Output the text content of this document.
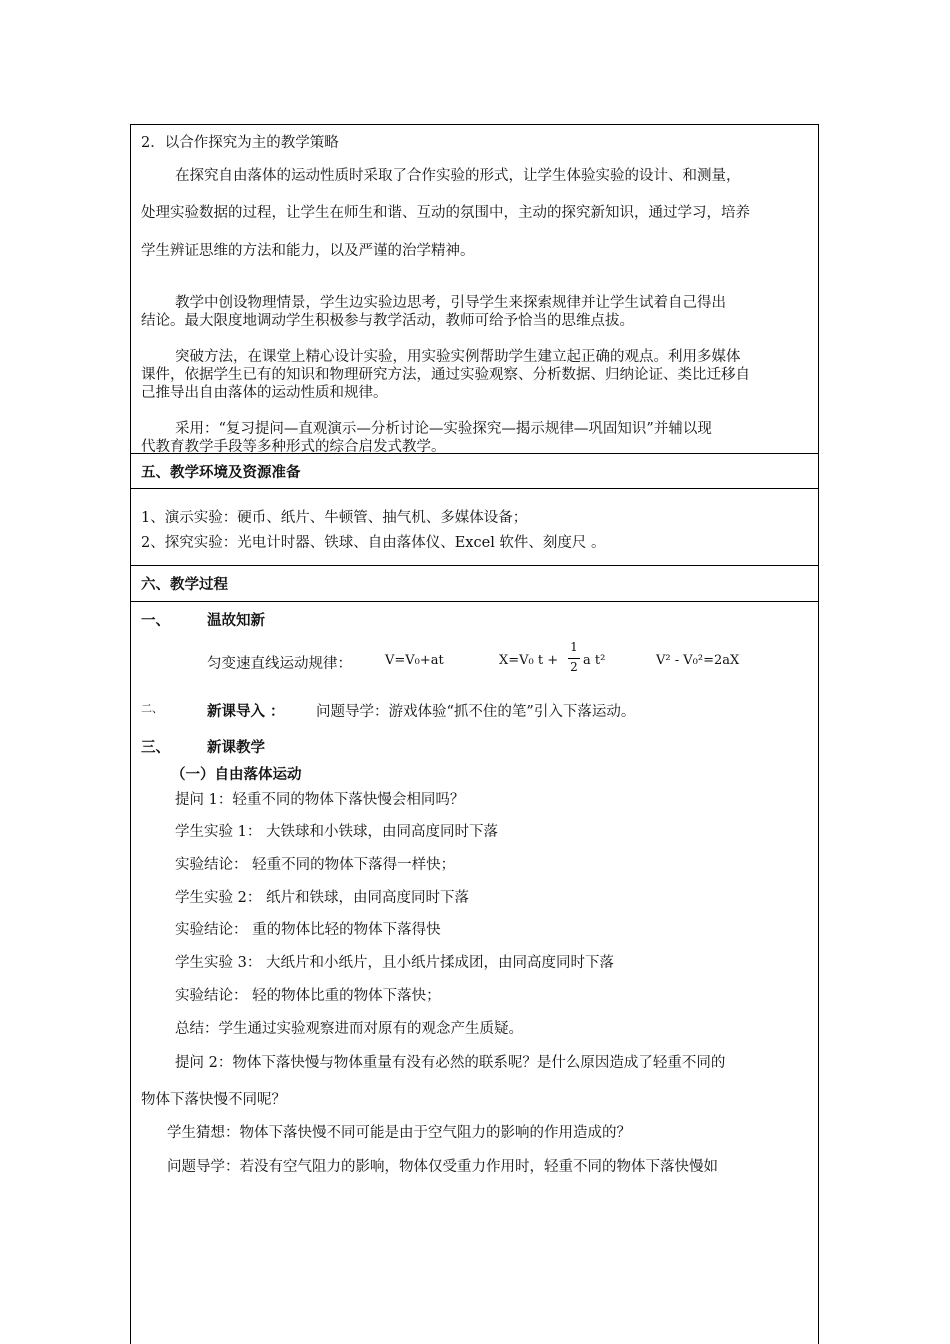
2．以合作探究为主的教学策略
在探究自由落体的运动性质时采取了合作实验的形式，让学生体验实验的设计、和测量，
处理实验数据的过程，让学生在师生和谐、互动的氛围中，主动的探究新知识，通过学习，培养
学生辨证思维的方法和能力，以及严谨的治学精神。
教学中创设物理情景，学生边实验边思考，引导学生来探索规律并让学生试着自己得出
结论。最大限度地调动学生积极参与教学活动，教师可给予恰当的思维点拔。
突破方法，在课堂上精心设计实验，用实验实例帮助学生建立起正确的观点。利用多媒体
课件，依据学生已有的知识和物理研究方法，通过实验观察、分析数据、归纳论证、类比迁移自
己推导出自由落体的运动性质和规律。
采用：“复习提问—直观演示—分析讨论—实验探究—揭示规律—巩固知识”并辅以现
代教育教学手段等多种形式的综合启发式教学。
五、教学环境及资源准备
1、演示实验：硬币、纸片、牛顿管、抽气机、多媒体设备；
2、探究实验：光电计时器、铁球、自由落体仪、Excel 软件、刻度尺 。
六、教学过程
一、	温故知新
匀变速直线运动规律：	V=V₀+at	X=V₀ t +
1
2 a t²	V² - V₀²=2aX
二、	新课导入 ： 问题导学：游戏体验“抓不住的笔”引入下落运动。
三、	新课教学
（一）自由落体运动
提问 1：轻重不同的物体下落快慢会相同吗？
学生实验 1： 大铁球和小铁球，由同高度同时下落
实验结论： 轻重不同的物体下落得一样快；
学生实验 2： 纸片和铁球，由同高度同时下落
实验结论： 重的物体比轻的物体下落得快
学生实验 3： 大纸片和小纸片，且小纸片揉成团，由同高度同时下落
实验结论： 轻的物体比重的物体下落快；
总结：学生通过实验观察进而对原有的观念产生质疑。
提问 2：物体下落快慢与物体重量有没有必然的联系呢？是什么原因造成了轻重不同的
物体下落快慢不同呢？
学生猜想：物体下落快慢不同可能是由于空气阻力的影响的作用造成的？
问题导学：若没有空气阻力的影响，物体仅受重力作用时，轻重不同的物体下落快慢如
